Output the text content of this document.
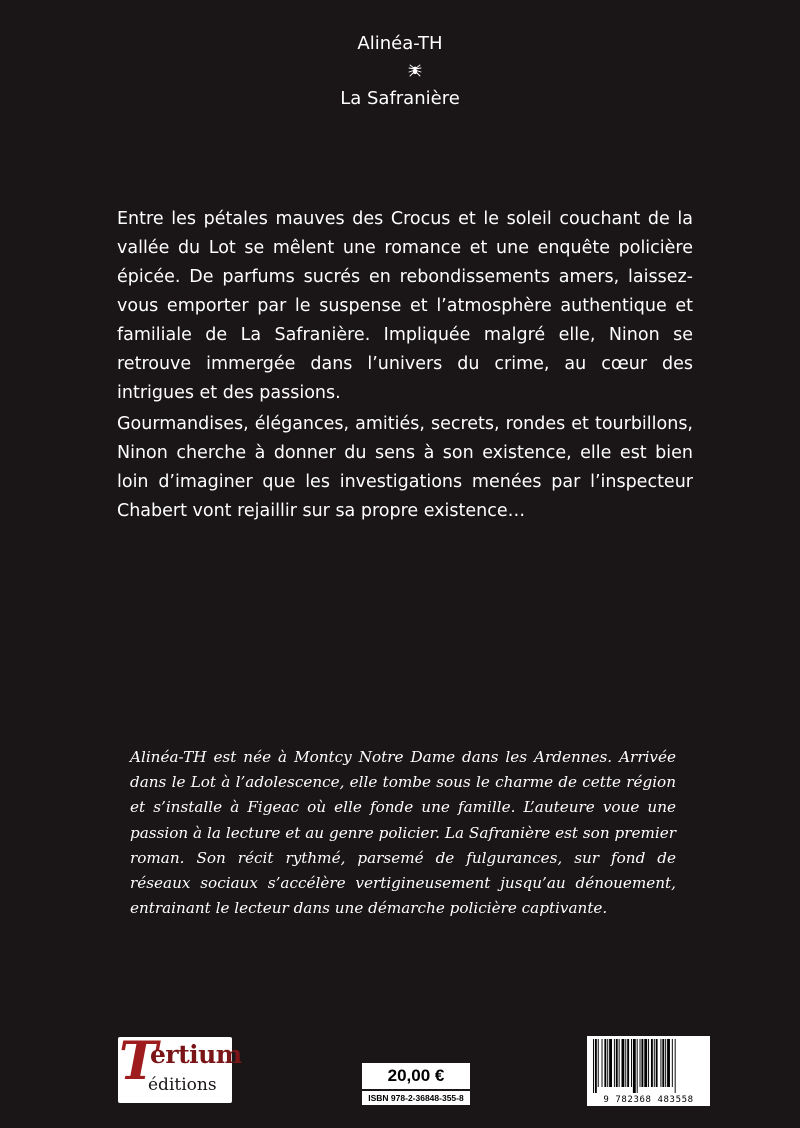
Alinéa-TH
La Safranière

Entre les pétales mauves des Crocus et le soleil couchant de la vallée du Lot se mêlent une romance et une enquête policière épicée. De parfums sucrés en rebondissements amers, laissez-vous emporter par le suspense et l’atmosphère authentique et familiale de La Safranière. Impliquée malgré elle, Ninon se retrouve immergée dans l’univers du crime, au cœur des intrigues et des passions.

Gourmandises, élégances, amitiés, secrets, rondes et tourbillons, Ninon cherche à donner du sens à son existence, elle est bien loin d’imaginer que les investigations menées par l’inspecteur Chabert vont rejaillir sur sa propre existence…

Alinéa-TH est née à Montcy Notre Dame dans les Ardennes. Arrivée dans le Lot à l’adolescence, elle tombe sous le charme de cette région et s’installe à Figeac où elle fonde une famille. L’auteure voue une passion à la lecture et au genre policier. La Safranière est son premier roman. Son récit rythmé, parsemé de fulgurances, sur fond de réseaux sociaux s’accélère vertigineusement jusqu’au dénouement, entrainant le lecteur dans une démarche policière captivante.

T
ertium
éditions	20,00 €
ISBN 978-2-36848-355-8	9 782368 483558
